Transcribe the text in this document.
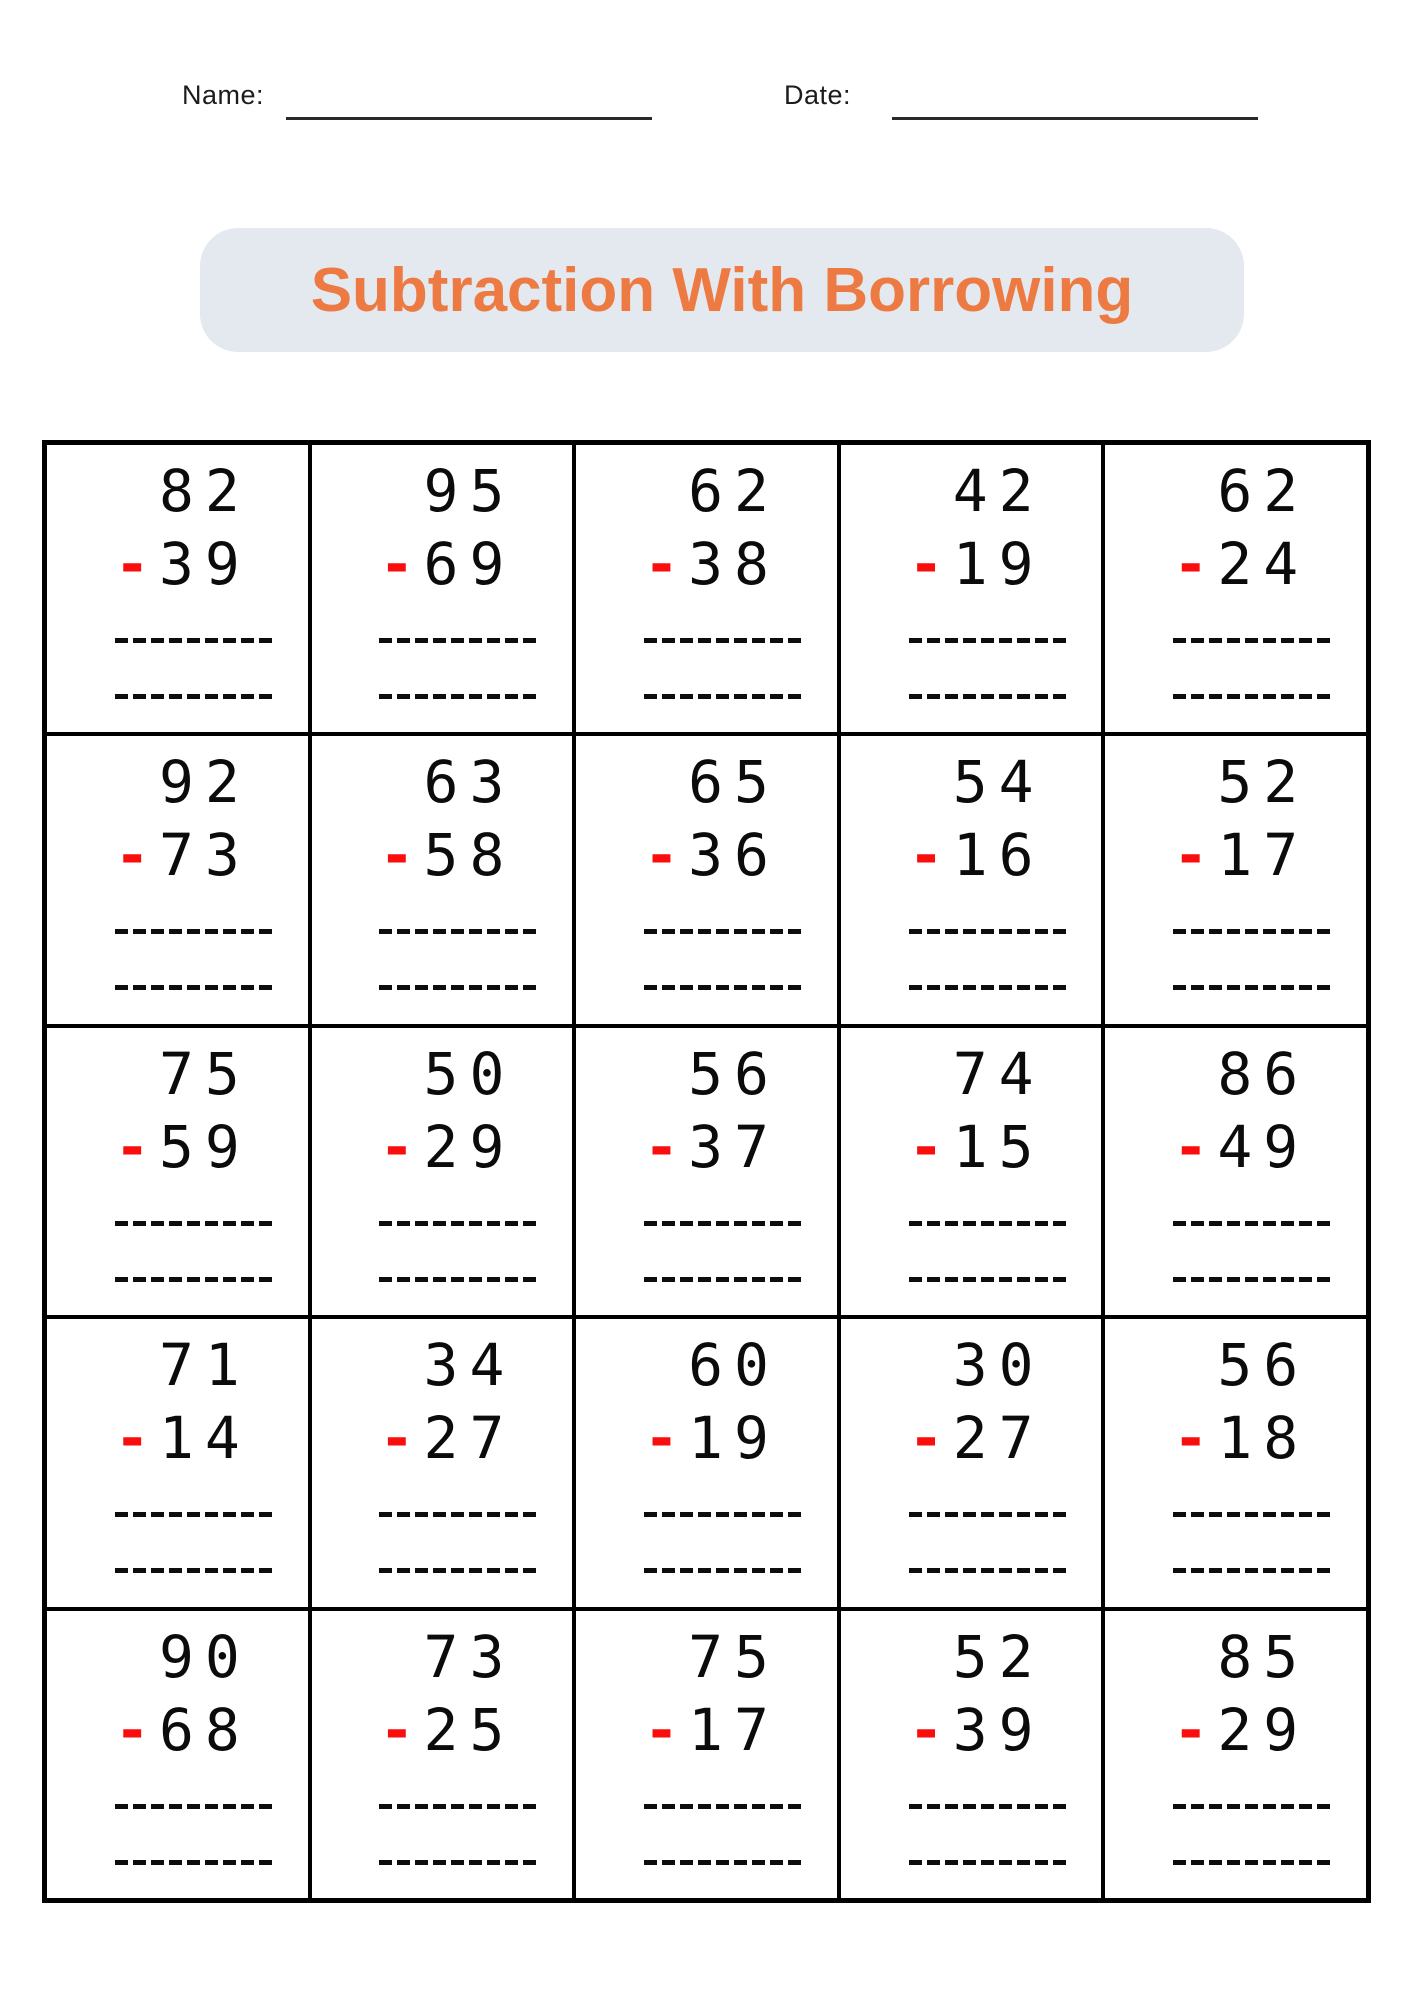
Name:	Date:
Subtraction With Borrowing
82
- 39
95
- 69
62
- 38
42
- 19
62
- 24
92
- 73
63
- 58
65
- 36
54
- 16
52
- 17
75
- 59
50
- 29
56
- 37
74
- 15
86
- 49
71
- 14
34
- 27
60
- 19
30
- 27
56
- 18
90
- 68
73
- 25
75
- 17
52
- 39
85
- 29
